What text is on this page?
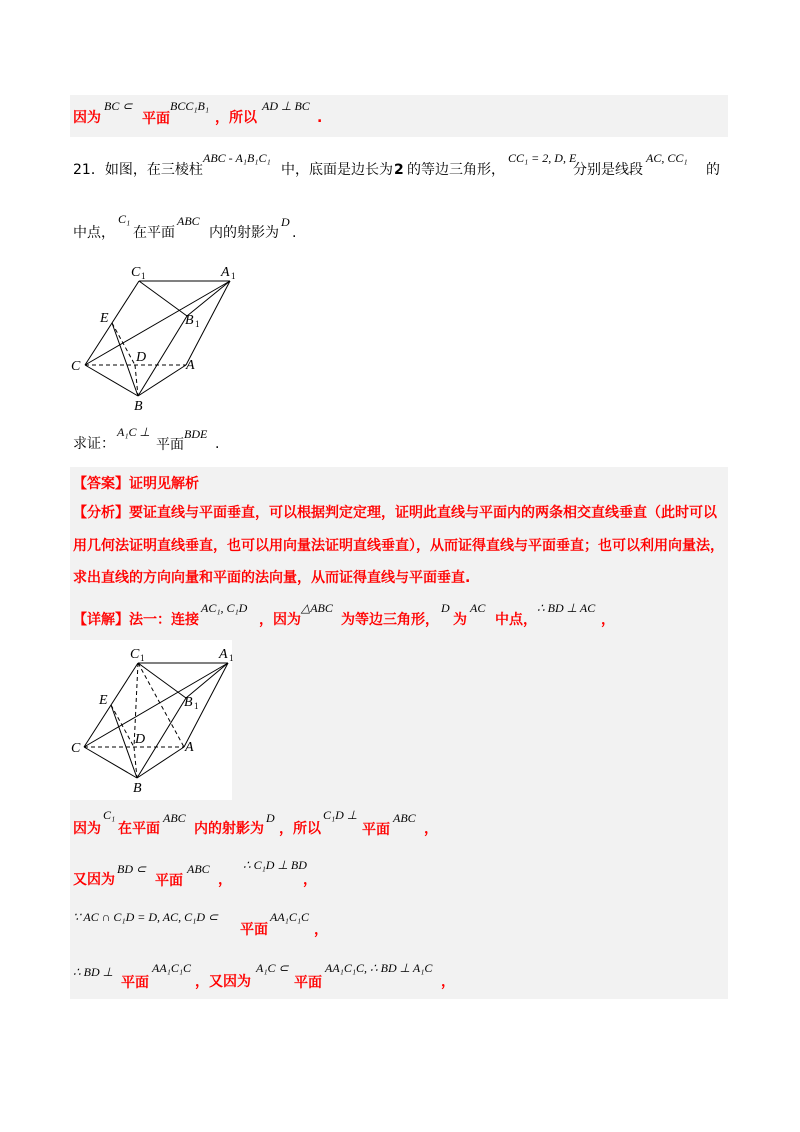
因为
BC ⊂
平面
BCC₁B₁
，所以
AD ⊥ BC
.
21．如图，在三棱柱
ABC - A₁B₁C₁
中，底面是边长为 2 的等边三角形，
CC₁ = 2, D, E
分别是线段
AC, CC₁
的
中点，
C₁
在平面
ABC
内的射影为
D
.
C 1	A 1
E	B 1
C
D
A
B
求证：
A₁C ⊥
平面
BDE
.
【答案】 证明见解析
【分析】 要证直线与平面垂直，可以根据判定定理，证明此直线与平面内的两条相交直线垂直（此时可以
用几何法证明直线垂直，也可以用向量法证明直线垂直），从而证得直线与平面垂直；也可以利用向量法，
求出直线的方向向量和平面的法向量，从而证得直线与平面垂直.
【详解】 法一：连接
AC₁, C₁D
，因为
△ABC
为等边三角形，
D
为
AC
中点，
∴ BD ⊥ AC
，
C 1	A 1
E	B 1
C
D
A
B
因为
C₁
在平面
ABC
内的射影为
D
，所以
C₁D ⊥
平面
ABC
，
又因为
BD ⊂
平面
ABC
，
∴ C₁D ⊥ BD
，
∵ AC ∩ C₁D = D, AC, C₁D ⊂
平面
AA₁C₁C
，
∴ BD ⊥
平面
AA₁C₁C
，又因为
A₁C ⊂
平面
AA₁C₁C, ∴ BD ⊥ A₁C
，
